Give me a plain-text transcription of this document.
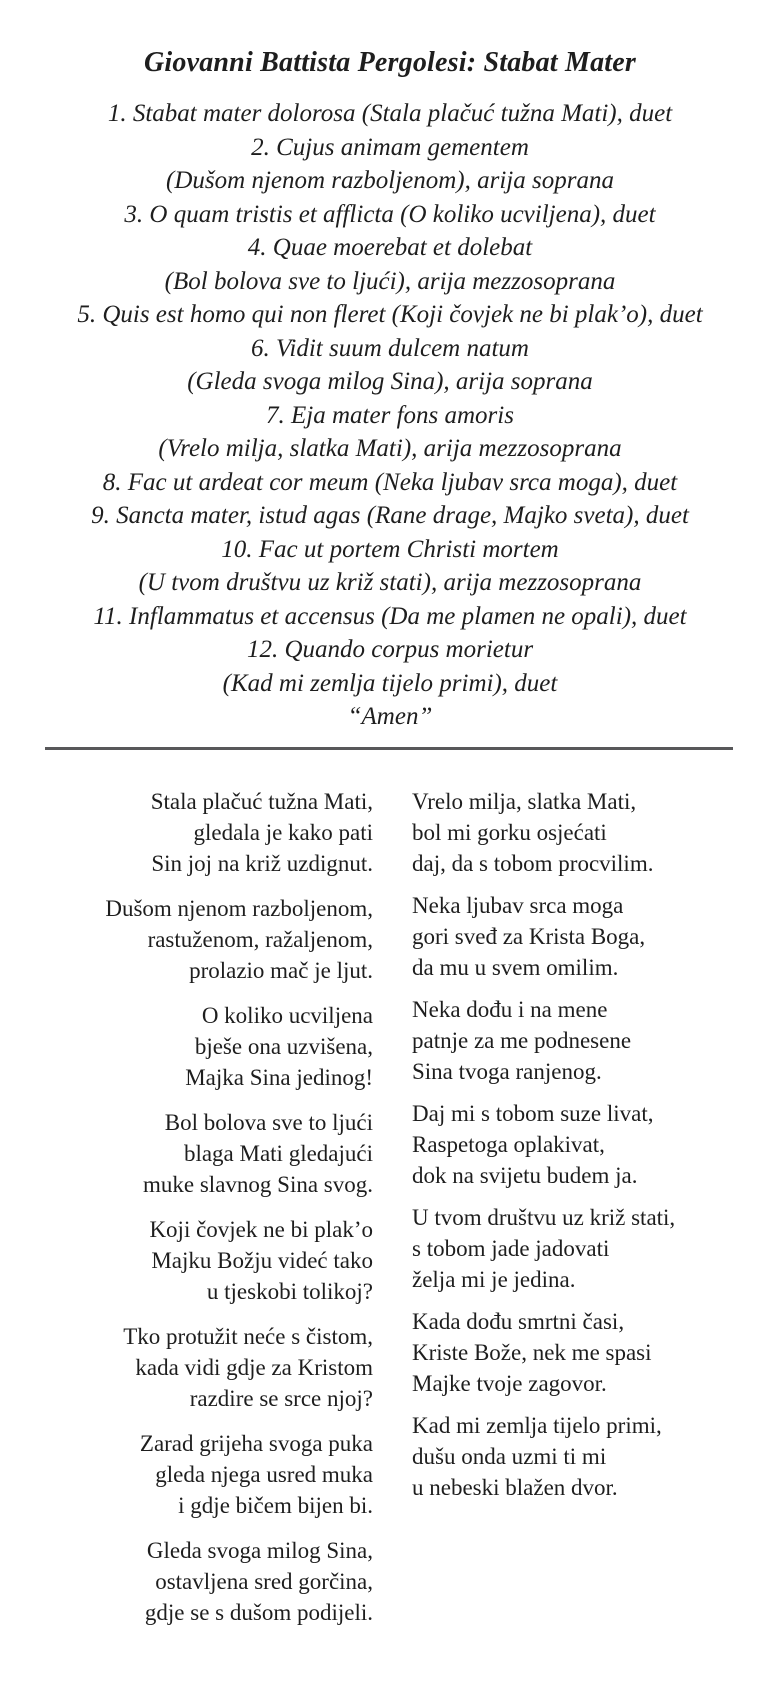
Giovanni Battista Pergolesi: Stabat Mater
1. Stabat mater dolorosa (Stala plačuć tužna Mati), duet
2. Cujus animam gementem
(Dušom njenom razboljenom), arija soprana
3. O quam tristis et afflicta (O koliko ucviljena), duet
4. Quae moerebat et dolebat
(Bol bolova sve to ljući), arija mezzosoprana
5. Quis est homo qui non fleret (Koji čovjek ne bi plak’o), duet
6. Vidit suum dulcem natum
(Gleda svoga milog Sina), arija soprana
7. Eja mater fons amoris
(Vrelo milja, slatka Mati), arija mezzosoprana
8. Fac ut ardeat cor meum (Neka ljubav srca moga), duet
9. Sancta mater, istud agas (Rane drage, Majko sveta), duet
10. Fac ut portem Christi mortem
(U tvom društvu uz križ stati), arija mezzosoprana
11. Inflammatus et accensus (Da me plamen ne opali), duet
12. Quando corpus morietur
(Kad mi zemlja tijelo primi), duet
“Amen”

Stala plačuć tužna Mati,
gledala je kako pati
Sin joj na križ uzdignut.

Dušom njenom razboljenom,
rastuženom, ražaljenom,
prolazio mač je ljut.

O koliko ucviljena
bješe ona uzvišena,
Majka Sina jedinog!

Bol bolova sve to ljući
blaga Mati gledajući
muke slavnog Sina svog.

Koji čovjek ne bi plak’o
Majku Božju videć tako
u tjeskobi tolikoj?

Tko protužit neće s čistom,
kada vidi gdje za Kristom
razdire se srce njoj?

Zarad grijeha svoga puka
gleda njega usred muka
i gdje bičem bijen bi.

Gleda svoga milog Sina,
ostavljena sred gorčina,
gdje se s dušom podijeli.

Vrelo milja, slatka Mati,
bol mi gorku osjećati
daj, da s tobom procvilim.

Neka ljubav srca moga
gori sveđ za Krista Boga,
da mu u svem omilim.

Neka dođu i na mene
patnje za me podnesene
Sina tvoga ranjenog.

Daj mi s tobom suze livat,
Raspetoga oplakivat,
dok na svijetu budem ja.

U tvom društvu uz križ stati,
s tobom jade jadovati
želja mi je jedina.

Kada dođu smrtni časi,
Kriste Bože, nek me spasi
Majke tvoje zagovor.

Kad mi zemlja tijelo primi,
dušu onda uzmi ti mi
u nebeski blažen dvor.
